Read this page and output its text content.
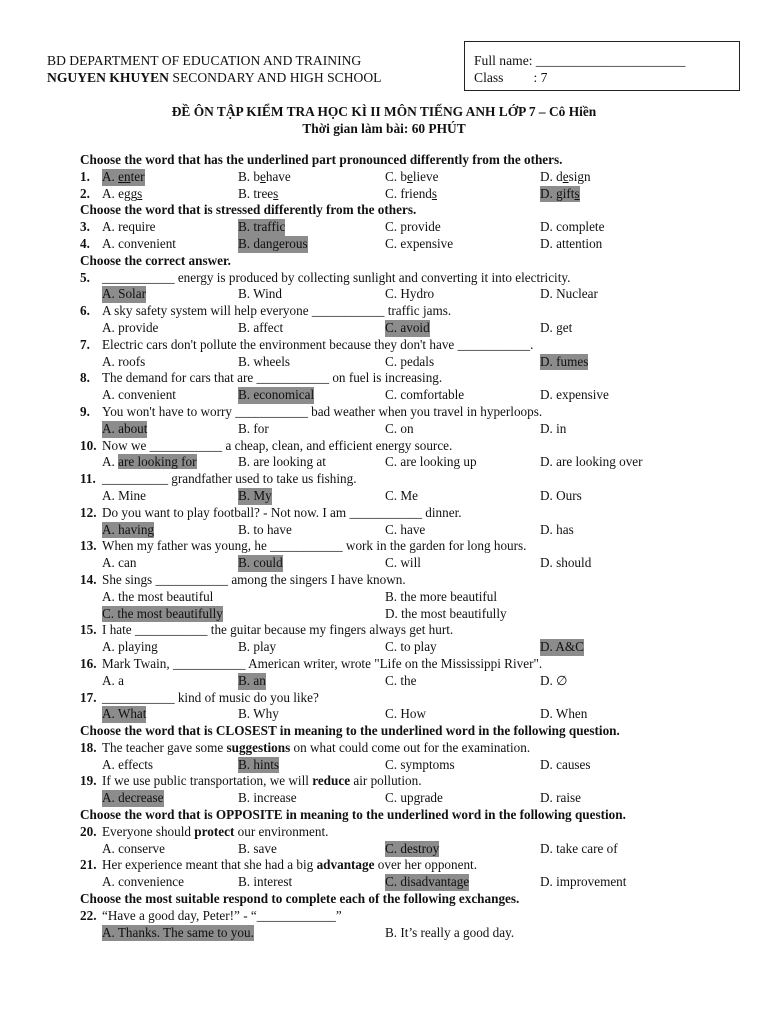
BD DEPARTMENT OF EDUCATION AND TRAINING
NGUYEN KHUYEN SECONDARY AND HIGH SCHOOL
Full name: ______________________
Class : 7
ĐỀ ÔN TẬP KIỂM TRA HỌC KÌ II MÔN TIẾNG ANH LỚP 7 – Cô Hiền
Thời gian làm bài: 60 PHÚT
Choose the word that has the underlined part pronounced differently from the others.
1. A. enter	B. behave	C. believe	D. design
2. A. eggs	B. trees	C. friends	D. gifts
Choose the word that is stressed differently from the others.
3. A. require	B. traffic	C. provide	D. complete
4. A. convenient	B. dangerous	C. expensive	D. attention
Choose the correct answer.
5. ___________ energy is produced by collecting sunlight and converting it into electricity.
A. Solar	B. Wind	C. Hydro	D. Nuclear
6. A sky safety system will help everyone ___________ traffic jams.
A. provide	B. affect	C. avoid	D. get
7. Electric cars don't pollute the environment because they don't have ___________.
A. roofs	B. wheels	C. pedals	D. fumes
8. The demand for cars that are ___________ on fuel is increasing.
A. convenient	B. economical	C. comfortable	D. expensive
9. You won't have to worry ___________ bad weather when you travel in hyperloops.
A. about	B. for	C. on	D. in
10. Now we ___________ a cheap, clean, and efficient energy source.
A. are looking for	B. are looking at	C. are looking up	D. are looking over
11. __________ grandfather used to take us fishing.
A. Mine	B. My	C. Me	D. Ours
12. Do you want to play football? - Not now. I am ___________ dinner.
A. having	B. to have	C. have	D. has
13. When my father was young, he ___________ work in the garden for long hours.
A. can	B. could	C. will	D. should
14. She sings ___________ among the singers I have known.
A. the most beautiful	B. the more beautiful
C. the most beautifully	D. the most beautifully
15. I hate ___________ the guitar because my fingers always get hurt.
A. playing	B. play	C. to play	D. A&C
16. Mark Twain, ___________ American writer, wrote "Life on the Mississippi River".
A. a	B. an	C. the	D. ∅
17. ___________ kind of music do you like?
A. What	B. Why	C. How	D. When
Choose the word that is CLOSEST in meaning to the underlined word in the following question.
18. The teacher gave some suggestions on what could come out for the examination.
A. effects	B. hints	C. symptoms	D. causes
19. If we use public transportation, we will reduce air pollution.
A. decrease	B. increase	C. upgrade	D. raise
Choose the word that is OPPOSITE in meaning to the underlined word in the following question.
20. Everyone should protect our environment.
A. conserve	B. save	C. destroy	D. take care of
21. Her experience meant that she had a big advantage over her opponent.
A. convenience	B. interest	C. disadvantage	D. improvement
Choose the most suitable respond to complete each of the following exchanges.
22. “Have a good day, Peter!” - “____________”
A. Thanks. The same to you.	B. It’s really a good day.
